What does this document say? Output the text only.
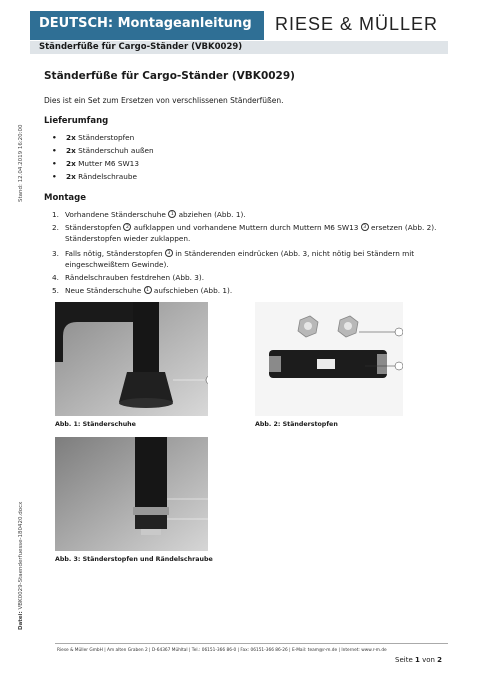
DEUTSCH: Montageanleitung RIESE & MÜLLER
Ständerfüße für Cargo-Ständer (VBK0029)
Stand: 12.04.2019 16:20:00
Datei: VBK0029-Staenderfuesse-180420.docx
Ständerfüße für Cargo-Ständer (VBK0029)
Dies ist ein Set zum Ersetzen von verschlissenen Ständerfüßen.
Lieferumfang
• 2x Ständerstopfen
• 2x Ständerschuh außen
• 2x Mutter M6 SW13
• 2x Rändelschraube
Montage
1. Vorhandene Ständerschuhe 1 abziehen (Abb. 1).
2. Ständerstopfen 2 aufklappen und vorhandene Muttern durch Muttern M6 SW13 3 ersetzen (Abb. 2).
Ständerstopfen wieder zuklappen.
3. Falls nötig, Ständerstopfen 3 in Ständerenden eindrücken (Abb. 3, nicht nötig bei Ständern mit
eingeschweißtem Gewinde).
4. Rändelschrauben festdrehen (Abb. 3).
5. Neue Ständerschuhe 1 aufschieben (Abb. 1).
Abb. 1: Ständerschuhe	Abb. 2: Ständerstopfen
Abb. 3: Ständerstopfen und Rändelschraube
Riese & Müller GmbH | Am alten Graben 2 | D-64367 Mühltal | Tel.: 06151-366 86-0 | Fax: 06151-366 86-26 | E-Mail: team@r-m.de | Internet: www.r-m.de
Seite 1 von 2
